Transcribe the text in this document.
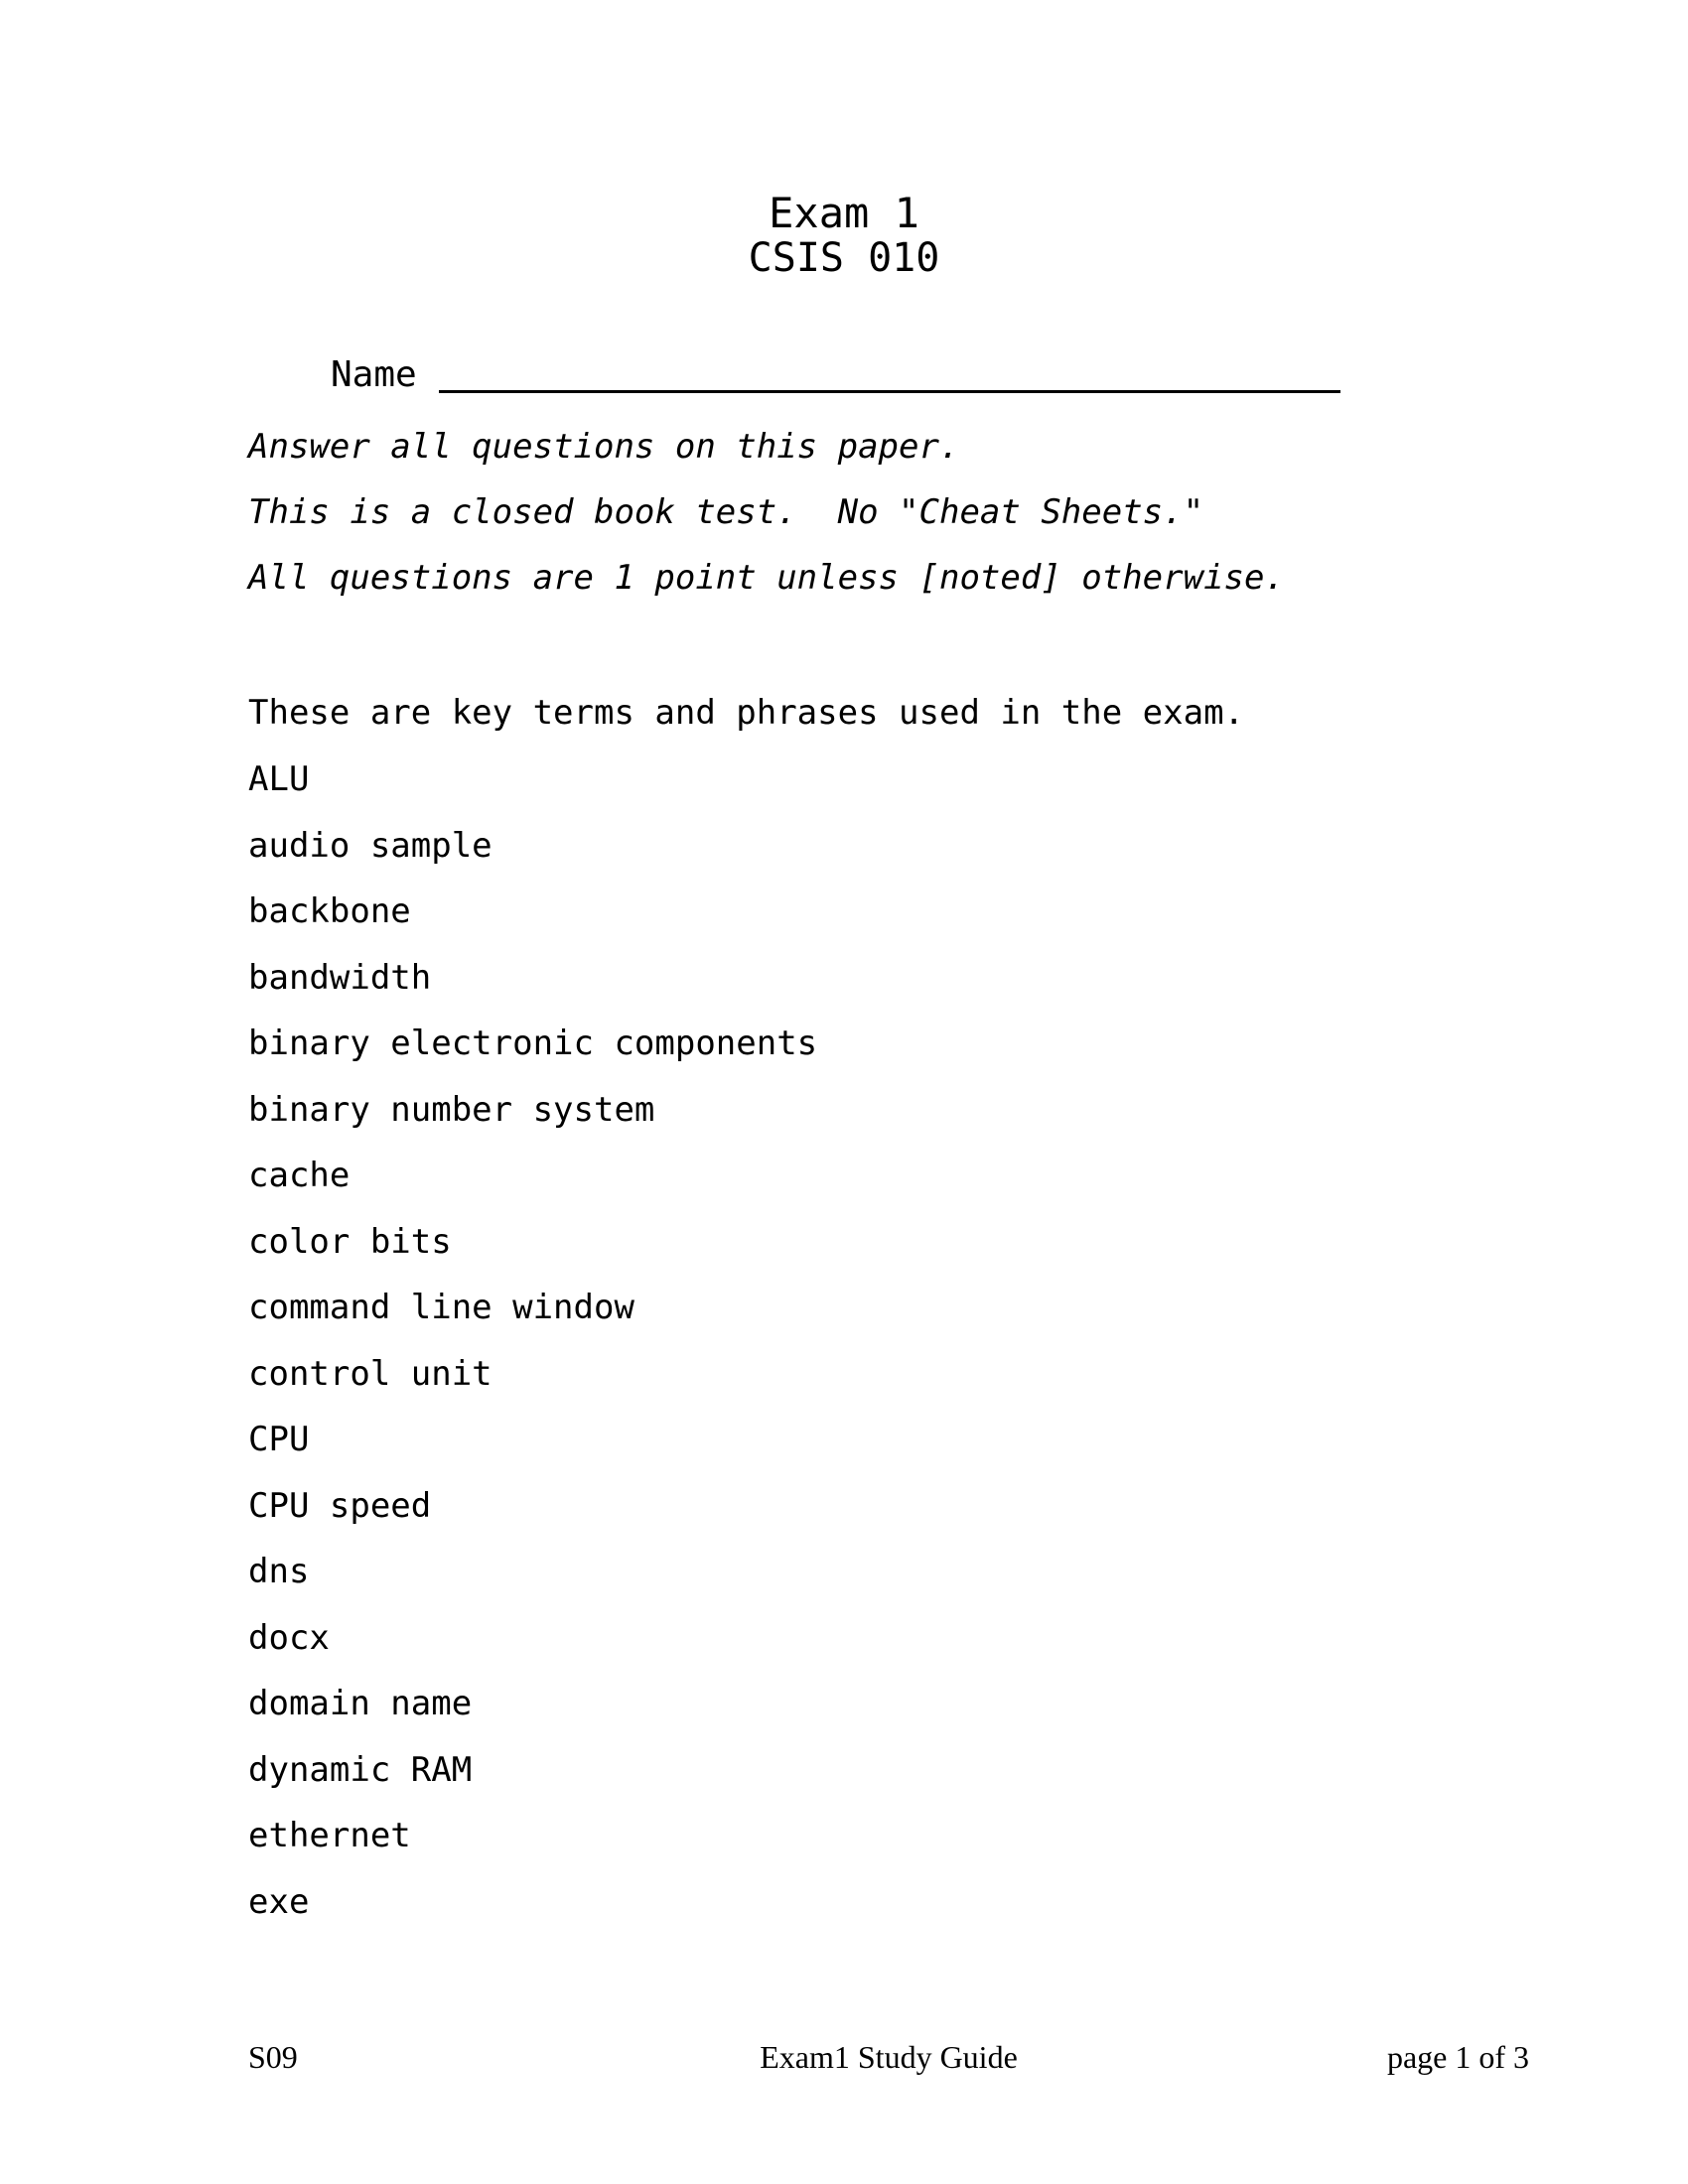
Exam 1
CSIS 010
Name
Answer all questions on this paper.
This is a closed book test.  No "Cheat Sheets."
All questions are 1 point unless [noted] otherwise.
These are key terms and phrases used in the exam.
ALU
audio sample
backbone
bandwidth
binary electronic components
binary number system
cache
color bits
command line window
control unit
CPU
CPU speed
dns
docx
domain name
dynamic RAM
ethernet
exe
S09	Exam1 Study Guide	page 1 of 3
